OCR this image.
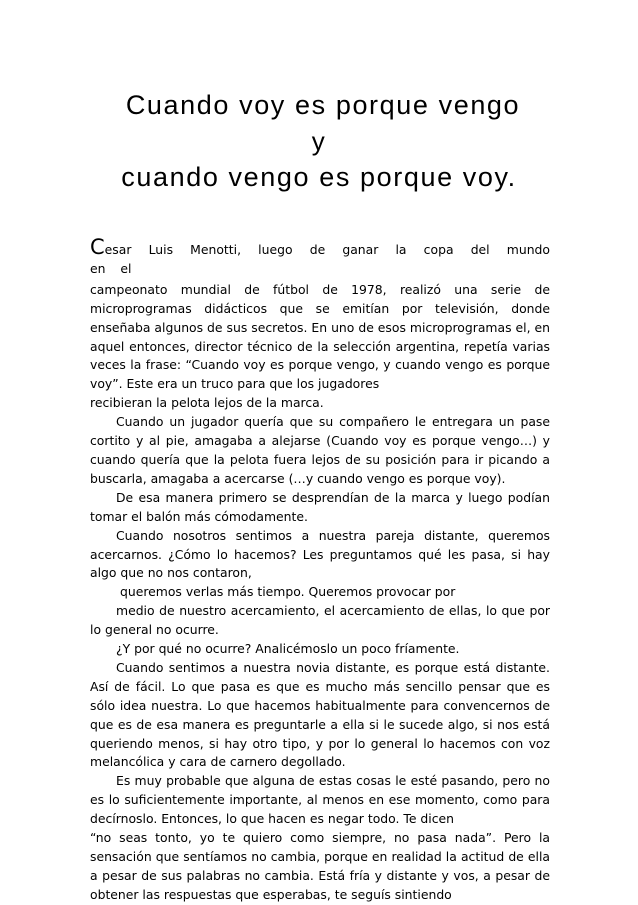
Cuando voy es porque vengo
y
cuando vengo es porque voy.
Cesar Luis Menotti, luego de ganar la copa del mundo en el

campeonato mundial de fútbol de 1978, realizó una serie de microprogramas didácticos que se emitían por televisión, donde enseñaba algunos de sus secretos. En uno de esos microprogramas el, en aquel entonces, director técnico de la selección argentina, repetía varias veces la frase: “Cuando voy es porque vengo, y cuando vengo es porque voy”. Este era un truco para que los jugadores

recibieran la pelota lejos de la marca.

Cuando un jugador quería que su compañero le entregara un pase cortito y al pie, amagaba a alejarse (Cuando voy es porque vengo…) y cuando quería que la pelota fuera lejos de su posición para ir picando a buscarla, amagaba a acercarse (…y cuando vengo es porque voy).

De esa manera primero se desprendían de la marca y luego podían tomar el balón más cómodamente.

Cuando nosotros sentimos a nuestra pareja distante, queremos acercarnos. ¿Cómo lo hacemos? Les preguntamos qué les pasa, si hay algo que no nos contaron,

queremos verlas más tiempo. Queremos provocar por

medio de nuestro acercamiento, el acercamiento de ellas, lo que por lo general no ocurre.

¿Y por qué no ocurre? Analicémoslo un poco fríamente.

Cuando sentimos a nuestra novia distante, es porque está distante. Así de fácil. Lo que pasa es que es mucho más sencillo pensar que es sólo idea nuestra. Lo que hacemos habitualmente para convencernos de que es de esa manera es preguntarle a ella si le sucede algo, si nos está queriendo menos, si hay otro tipo, y por lo general lo hacemos con voz melancólica y cara de carnero degollado.

Es muy probable que alguna de estas cosas le esté pasando, pero no es lo suficientemente importante, al menos en ese momento, como para decírnoslo. Entonces, lo que hacen es negar todo. Te dicen

“no seas tonto, yo te quiero como siempre, no pasa nada”. Pero la sensación que sentíamos no cambia, porque en realidad la actitud de ella a pesar de sus palabras no cambia. Está fría y distante y vos, a pesar de obtener las respuestas que esperabas, te seguís sintiendo
